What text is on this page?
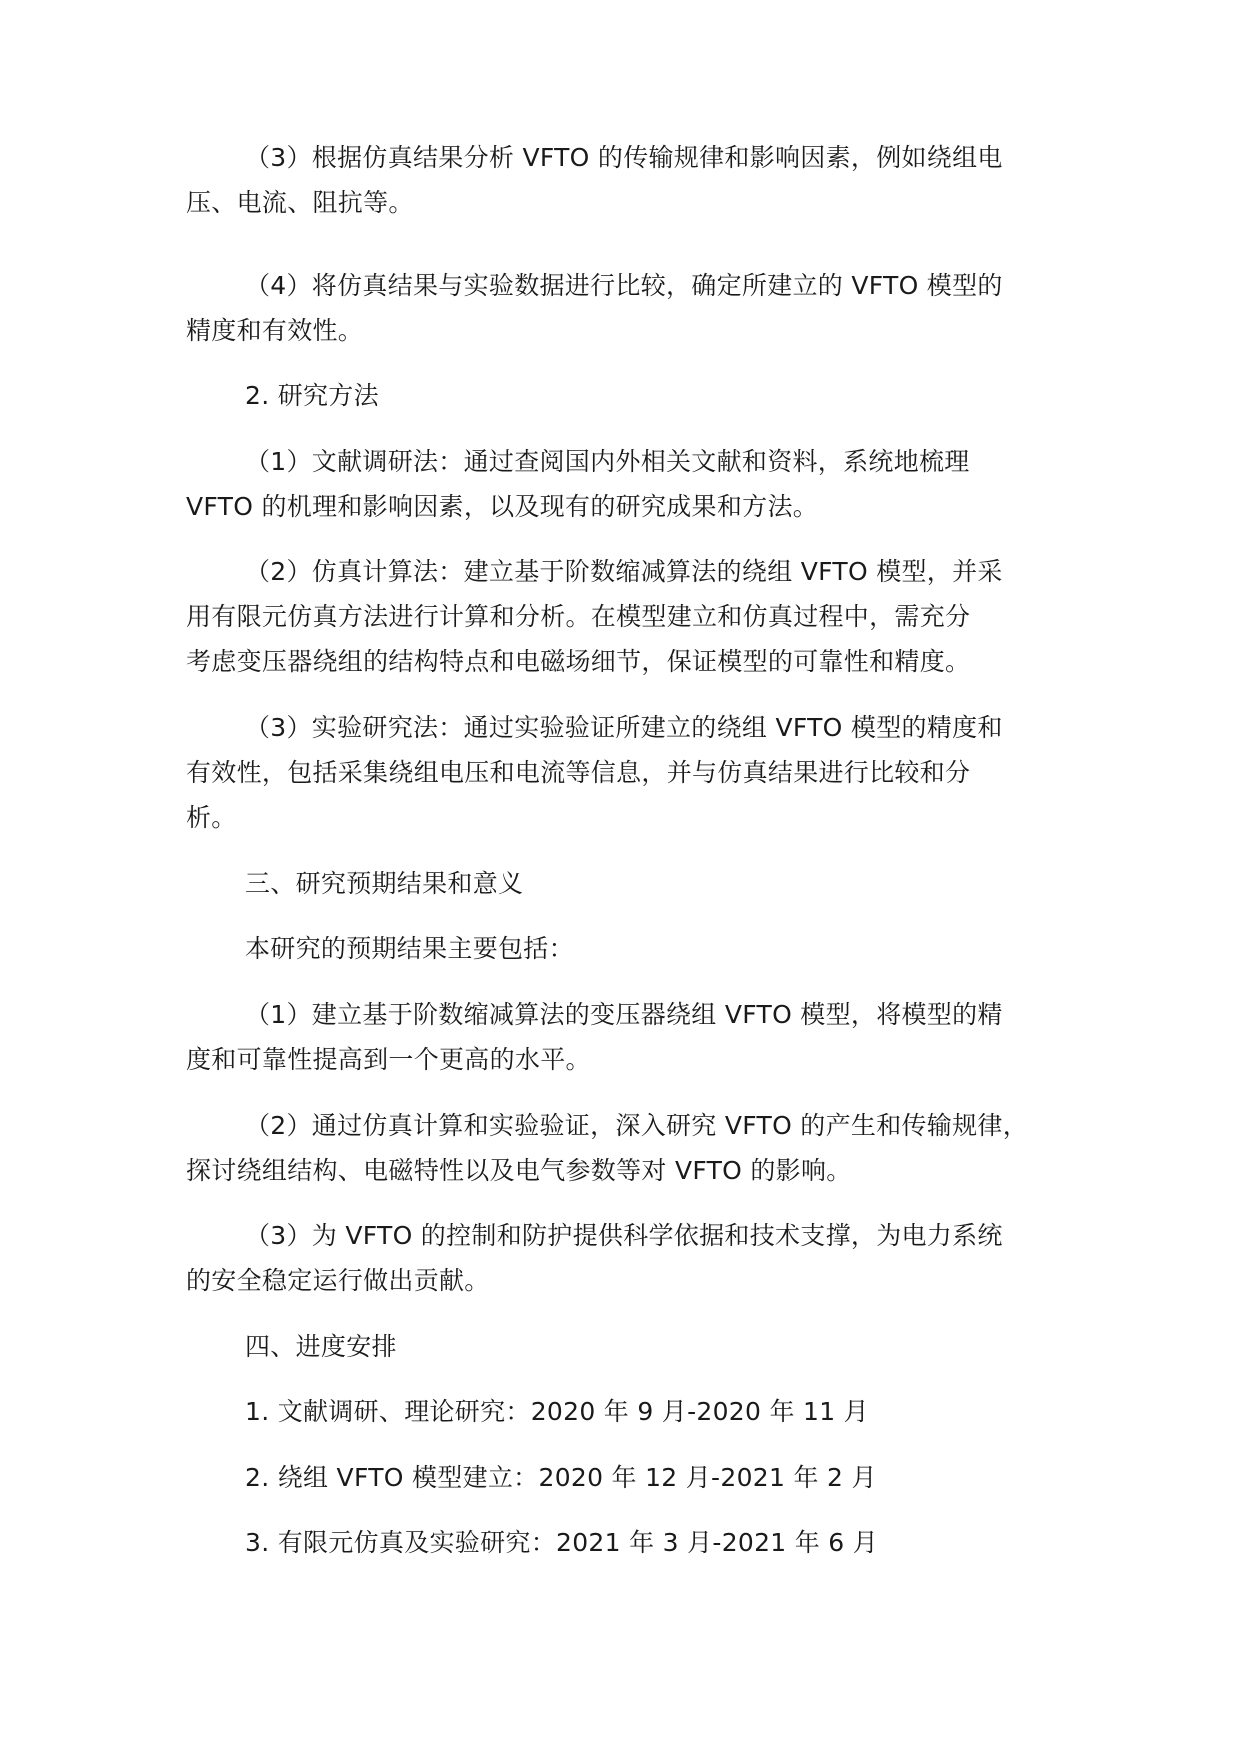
（3）根据仿真结果分析 VFTO 的传输规律和影响因素，例如绕组电
压、电流、阻抗等。
（4）将仿真结果与实验数据进行比较，确定所建立的 VFTO 模型的
精度和有效性。
2. 研究方法
（1）文献调研法：通过查阅国内外相关文献和资料，系统地梳理
VFTO 的机理和影响因素，以及现有的研究成果和方法。
（2）仿真计算法：建立基于阶数缩减算法的绕组 VFTO 模型，并采
用有限元仿真方法进行计算和分析。在模型建立和仿真过程中，需充分
考虑变压器绕组的结构特点和电磁场细节，保证模型的可靠性和精度。
（3）实验研究法：通过实验验证所建立的绕组 VFTO 模型的精度和
有效性，包括采集绕组电压和电流等信息，并与仿真结果进行比较和分
析。
三、研究预期结果和意义
本研究的预期结果主要包括：
（1）建立基于阶数缩减算法的变压器绕组 VFTO 模型，将模型的精
度和可靠性提高到一个更高的水平。
（2）通过仿真计算和实验验证，深入研究 VFTO 的产生和传输规律，
探讨绕组结构、电磁特性以及电气参数等对 VFTO 的影响。
（3）为 VFTO 的控制和防护提供科学依据和技术支撑，为电力系统
的安全稳定运行做出贡献。
四、进度安排
1. 文献调研、理论研究：2020 年 9 月-2020 年 11 月
2. 绕组 VFTO 模型建立：2020 年 12 月-2021 年 2 月
3. 有限元仿真及实验研究：2021 年 3 月-2021 年 6 月
